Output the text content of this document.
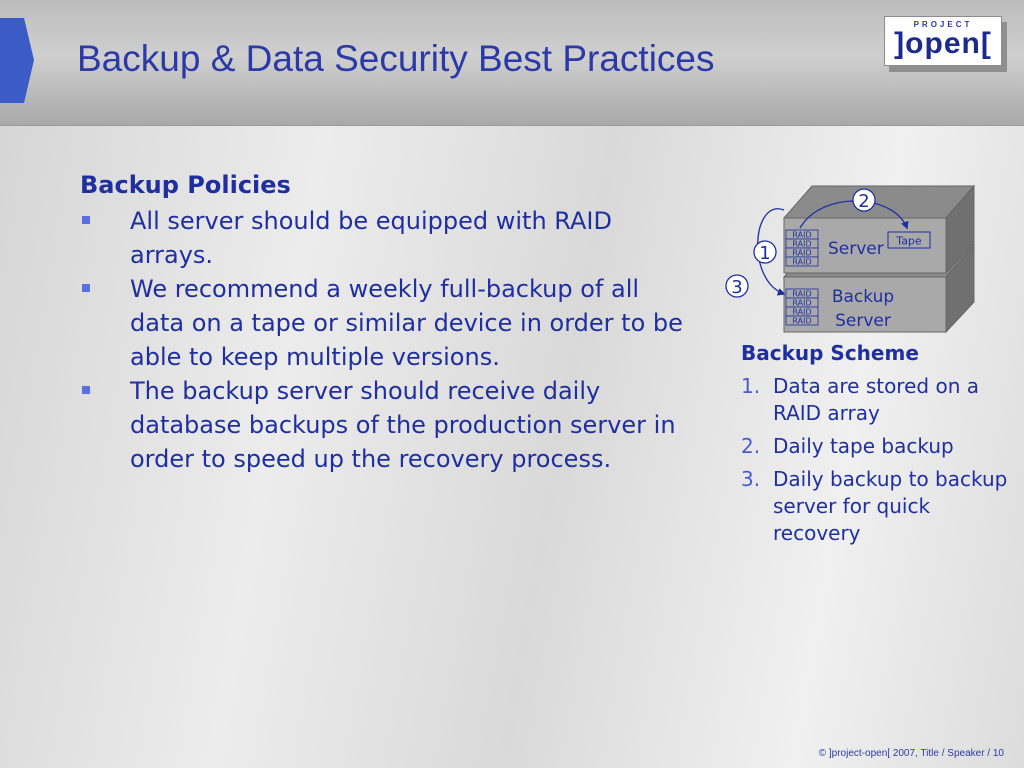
Backup & Data Security Best Practices
PROJECT
]open[
Backup Policies
All server should be equipped with RAID arrays.
We recommend a weekly full-backup of all data on a tape or similar device in order to be able to keep multiple versions.
The backup server should receive daily database backups of the production server in order to speed up the recovery process.
RAID
RAID
RAID
RAID
RAID
RAID
RAID
RAID
Server
Backup
Server
Tape
1
2
3
Backup Scheme
1. Data are stored on a RAID array
2. Daily tape backup
3. Daily backup to backup server for quick recovery
© ]project-open[ 2007, Title / Speaker / 10
